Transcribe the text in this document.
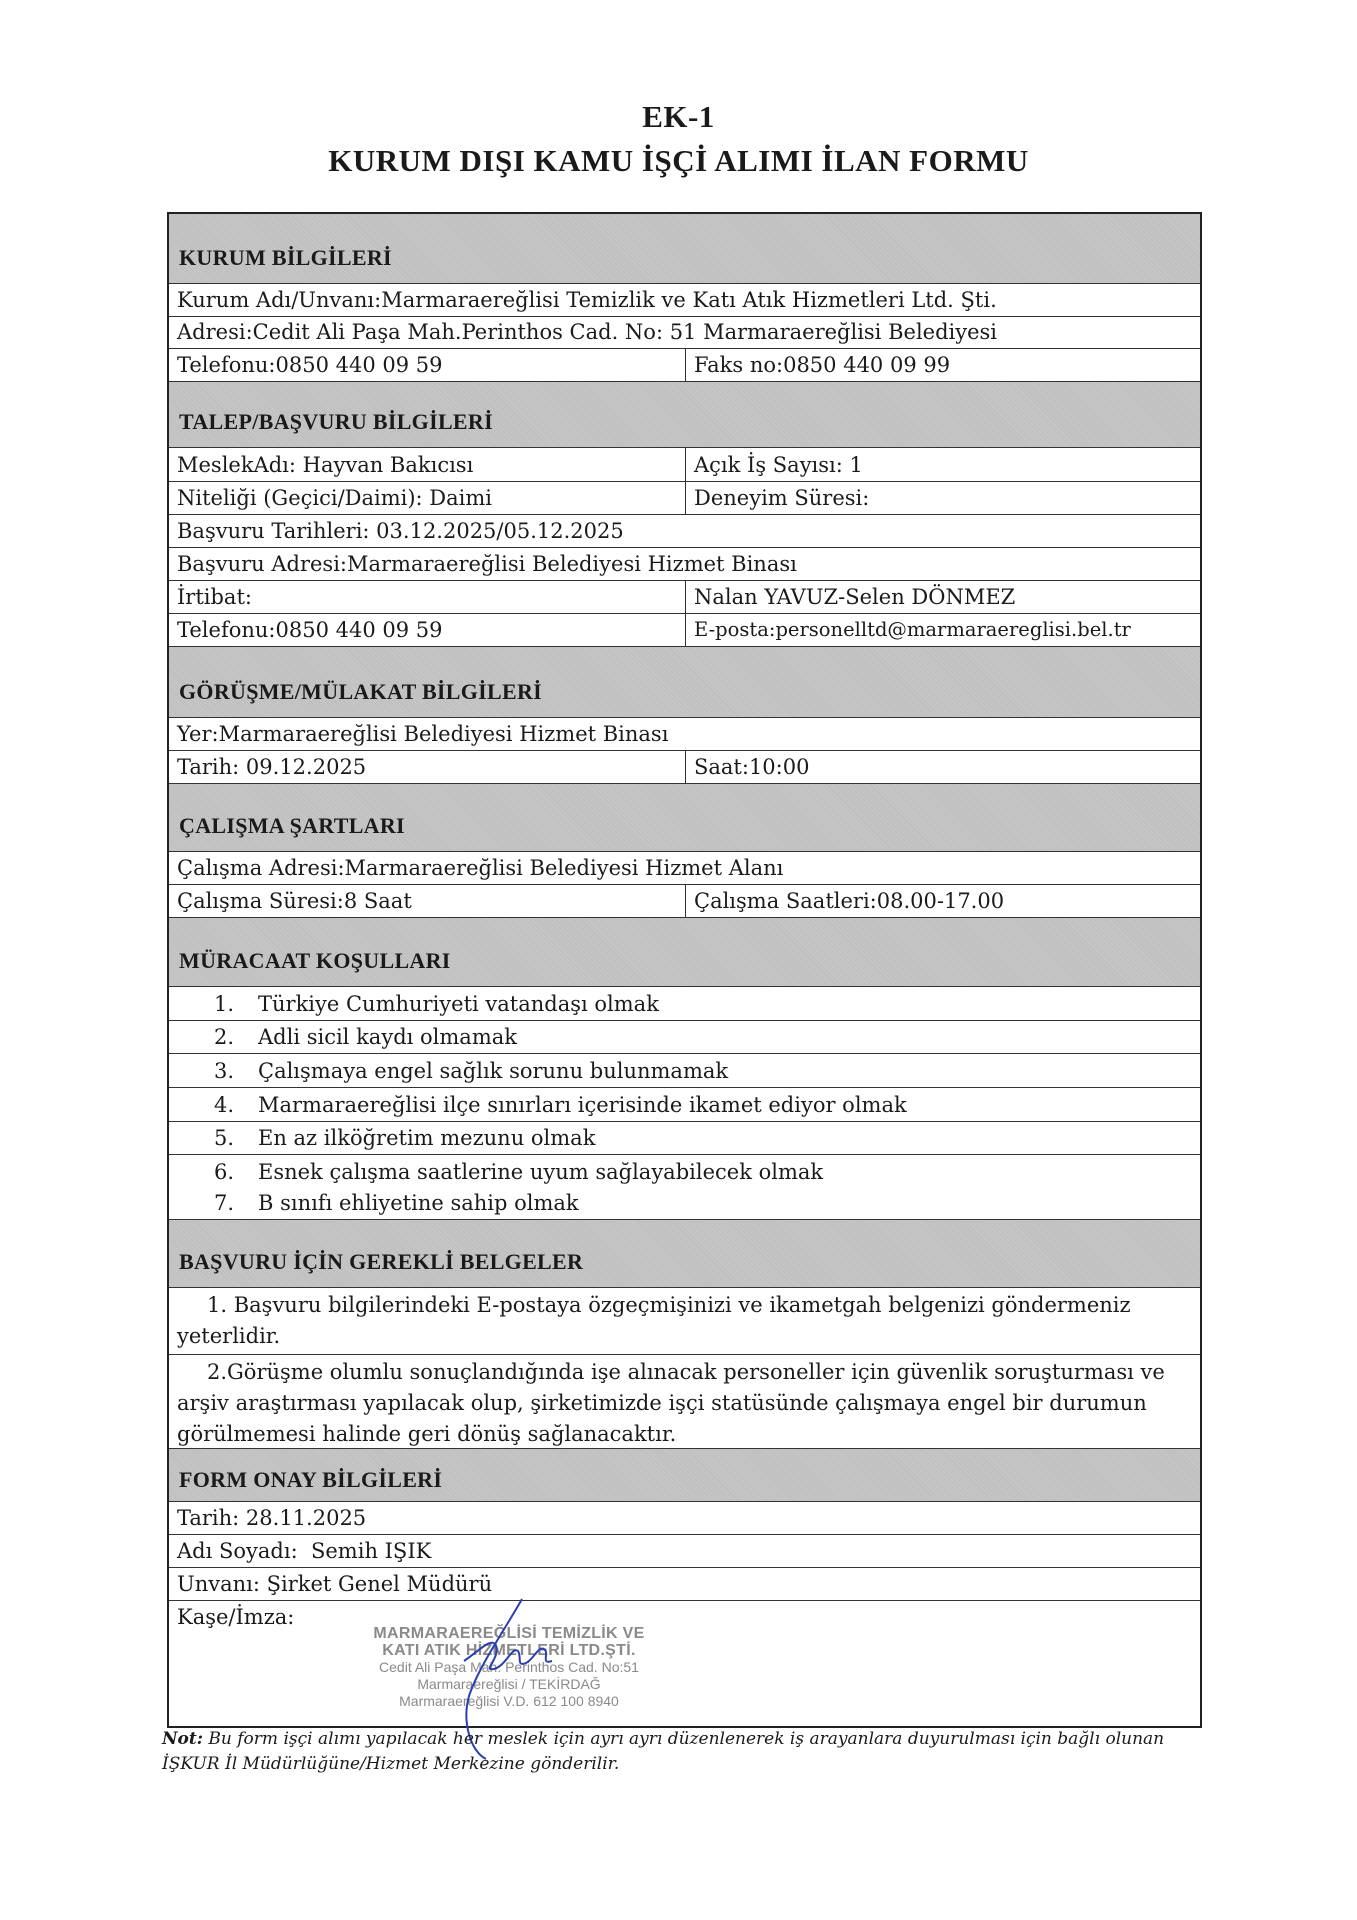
EK-1
KURUM DIŞI KAMU İŞÇİ ALIMI İLAN FORMU
KURUM BİLGİLERİ
Kurum Adı/Unvanı:Marmaraereğlisi Temizlik ve Katı Atık Hizmetleri Ltd. Şti.
Adresi:Cedit Ali Paşa Mah.Perinthos Cad. No: 51 Marmaraereğlisi Belediyesi
Telefonu:0850 440 09 59	Faks no:0850 440 09 99
TALEP/BAŞVURU BİLGİLERİ
MeslekAdı: Hayvan Bakıcısı	Açık İş Sayısı: 1
Niteliği (Geçici/Daimi): Daimi	Deneyim Süresi:
Başvuru Tarihleri: 03.12.2025/05.12.2025
Başvuru Adresi:Marmaraereğlisi Belediyesi Hizmet Binası
İrtibat:	Nalan YAVUZ-Selen DÖNMEZ
Telefonu:0850 440 09 59	E-posta:personelltd@marmaraereglisi.bel.tr
GÖRÜŞME/MÜLAKAT BİLGİLERİ
Yer:Marmaraereğlisi Belediyesi Hizmet Binası
Tarih: 09.12.2025	Saat:10:00
ÇALIŞMA ŞARTLARI
Çalışma Adresi:Marmaraereğlisi Belediyesi Hizmet Alanı
Çalışma Süresi:8 Saat	Çalışma Saatleri:08.00-17.00
MÜRACAAT KOŞULLARI
1.	Türkiye Cumhuriyeti vatandaşı olmak
2.	Adli sicil kaydı olmamak
3.	Çalışmaya engel sağlık sorunu bulunmamak
4.	Marmaraereğlisi ilçe sınırları içerisinde ikamet ediyor olmak
5.	En az ilköğretim mezunu olmak
6.	Esnek çalışma saatlerine uyum sağlayabilecek olmak
7.	B sınıfı ehliyetine sahip olmak
BAŞVURU İÇİN GEREKLİ BELGELER
1. Başvuru bilgilerindeki E-postaya özgeçmişinizi ve ikametgah belgenizi göndermeniz yeterlidir.
2.Görüşme olumlu sonuçlandığında işe alınacak personeller için güvenlik soruşturması ve arşiv araştırması yapılacak olup, şirketimizde işçi statüsünde çalışmaya engel bir durumun görülmemesi halinde geri dönüş sağlanacaktır.
FORM ONAY BİLGİLERİ
Tarih: 28.11.2025
Adı Soyadı:  Semih IŞIK
Unvanı: Şirket Genel Müdürü
Kaşe/İmza:
MARMARAEREĞLİSİ TEMİZLİK VE
KATI ATIK HİZMETLERİ LTD.ŞTİ.
Cedit Ali Paşa Mah. Perinthos Cad. No:51
Marmaraereğlisi / TEKİRDAĞ
Marmaraereğlisi V.D. 612 100 8940
Not: Bu form işçi alımı yapılacak her meslek için ayrı ayrı düzenlenerek iş arayanlara duyurulması için bağlı olunan İŞKUR İl Müdürlüğüne/Hizmet Merkezine gönderilir.
